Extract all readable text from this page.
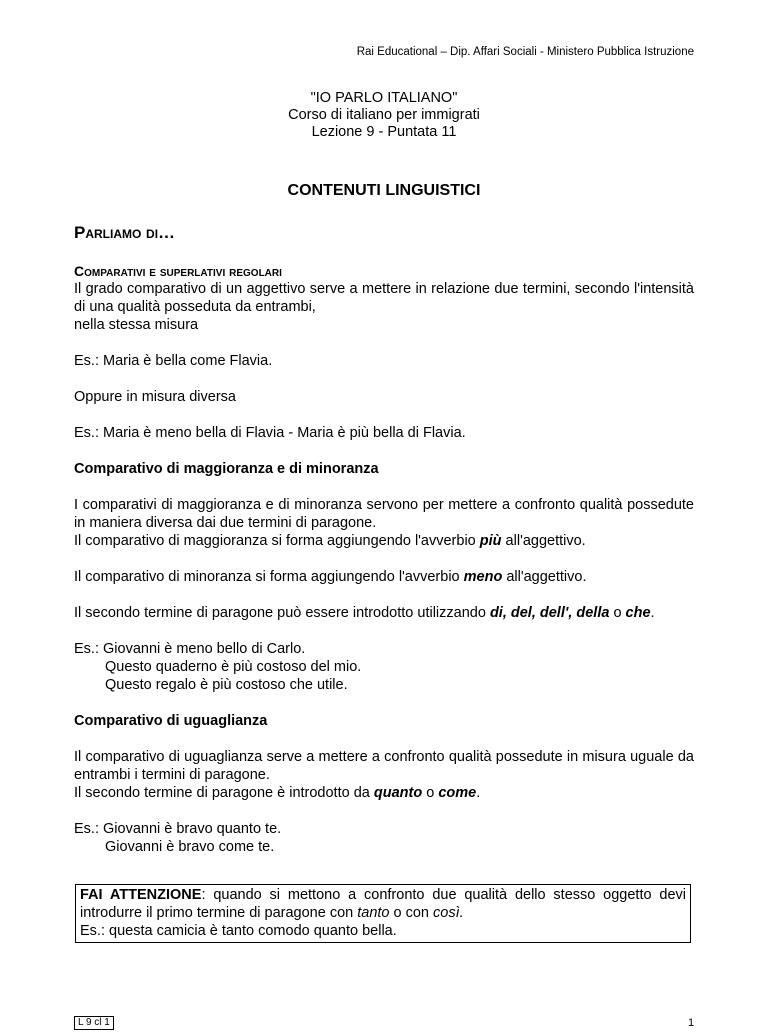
Rai Educational – Dip. Affari Sociali - Ministero Pubblica Istruzione
"IO PARLO ITALIANO"
Corso di italiano per immigrati
Lezione 9 - Puntata 11
CONTENUTI LINGUISTICI
Parliamo di…

Comparativi e superlativi regolari

Il grado comparativo di un aggettivo serve a mettere in relazione due termini, secondo l'intensità di una qualità posseduta da entrambi,

nella stessa misura

Es.: Maria è bella come Flavia.

Oppure in misura diversa

Es.: Maria è meno bella di Flavia - Maria è più bella di Flavia.

Comparativo di maggioranza e di minoranza

I comparativi di maggioranza e di minoranza servono per mettere a confronto qualità possedute in maniera diversa dai due termini di paragone.

Il comparativo di maggioranza si forma aggiungendo l'avverbio più all'aggettivo.

Il comparativo di minoranza si forma aggiungendo l'avverbio meno all'aggettivo.

Il secondo termine di paragone può essere introdotto utilizzando di, del, dell', della o che.

Es.: Giovanni è meno bello di Carlo.

Questo quaderno è più costoso del mio.

Questo regalo è più costoso che utile.

Comparativo di uguaglianza

Il comparativo di uguaglianza serve a mettere a confronto qualità possedute in misura uguale da entrambi i termini di paragone.

Il secondo termine di paragone è introdotto da quanto o come.

Es.: Giovanni è bravo quanto te.

Giovanni è bravo come te.

FAI ATTENZIONE: quando si mettono a confronto due qualità dello stesso oggetto devi introdurre il primo termine di paragone con tanto o con così.

Es.: questa camicia è tanto comodo quanto bella.

L 9 cl 1	1
